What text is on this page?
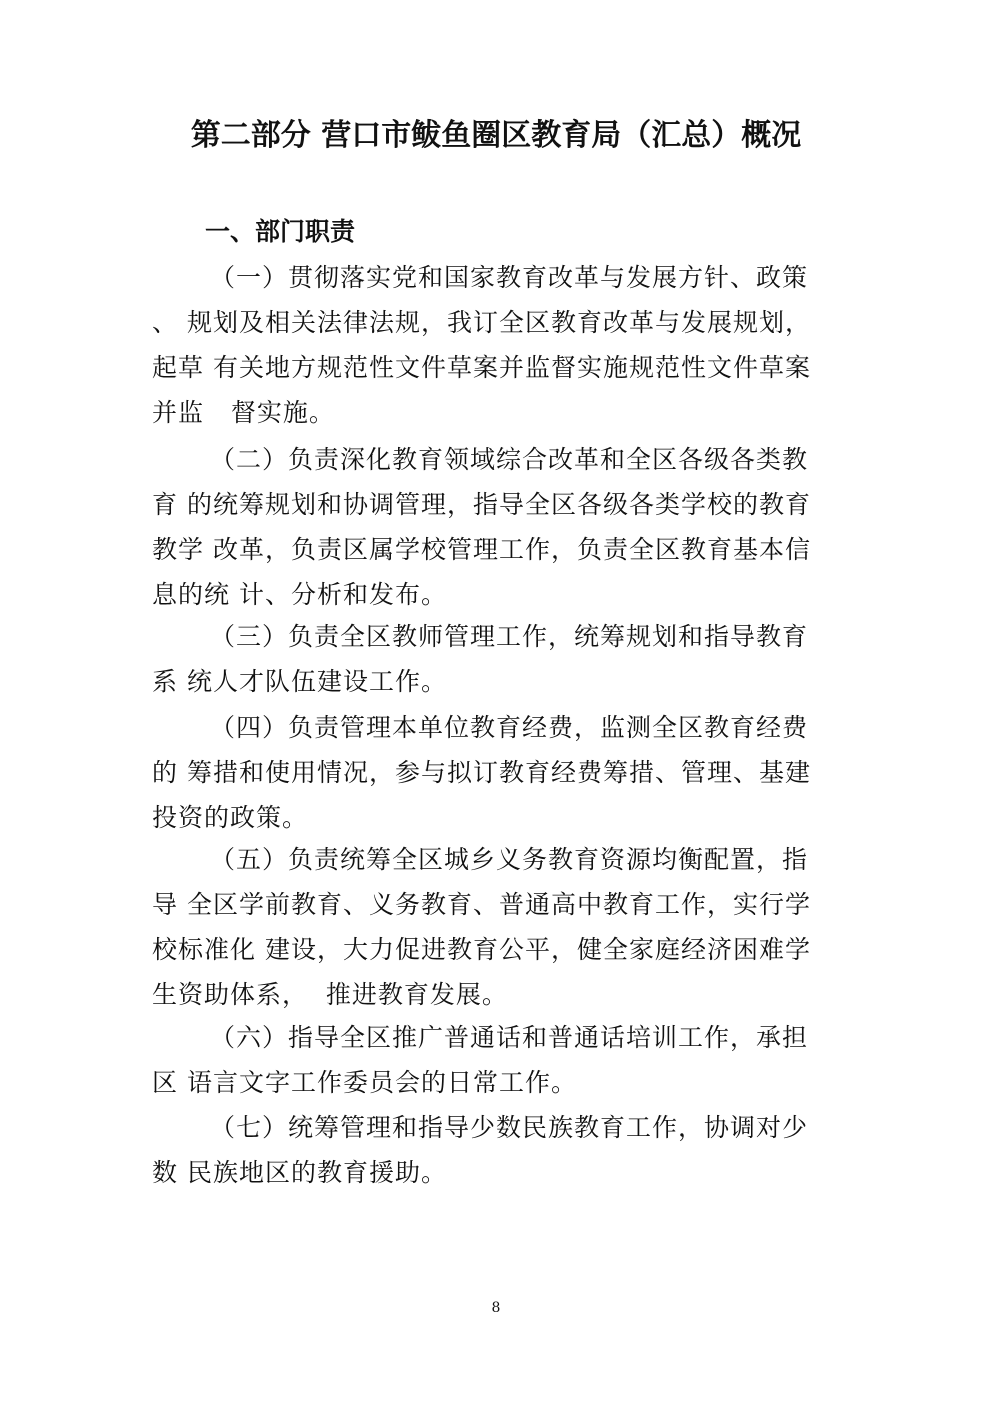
第二部分 营口市鲅鱼圈区教育局（汇总）概况
一、部门职责
（一）贯彻落实党和国家教育改革与发展方针、政策
、 规划及相关法律法规，我订全区教育改革与发展规划，
起草 有关地方规范性文件草案并监督实施规范性文件草案
并监   督实施。
（二）负责深化教育领域综合改革和全区各级各类教
育 的统筹规划和协调管理，指导全区各级各类学校的教育
教学 改革，负责区属学校管理工作，负责全区教育基本信
息的统 计、分析和发布。
（三）负责全区教师管理工作，统筹规划和指导教育
系 统人才队伍建设工作。
（四）负责管理本单位教育经费，监测全区教育经费
的 筹措和使用情况，参与拟订教育经费筹措、管理、基建
投资的政策。
（五）负责统筹全区城乡义务教育资源均衡配置，指
导 全区学前教育、义务教育、普通高中教育工作，实行学
校标准化 建设，大力促进教育公平，健全家庭经济困难学
生资助体系，  推进教育发展。
（六）指导全区推广普通话和普通话培训工作，承担
区 语言文字工作委员会的日常工作。
（七）统筹管理和指导少数民族教育工作，协调对少
数 民族地区的教育援助。
8
